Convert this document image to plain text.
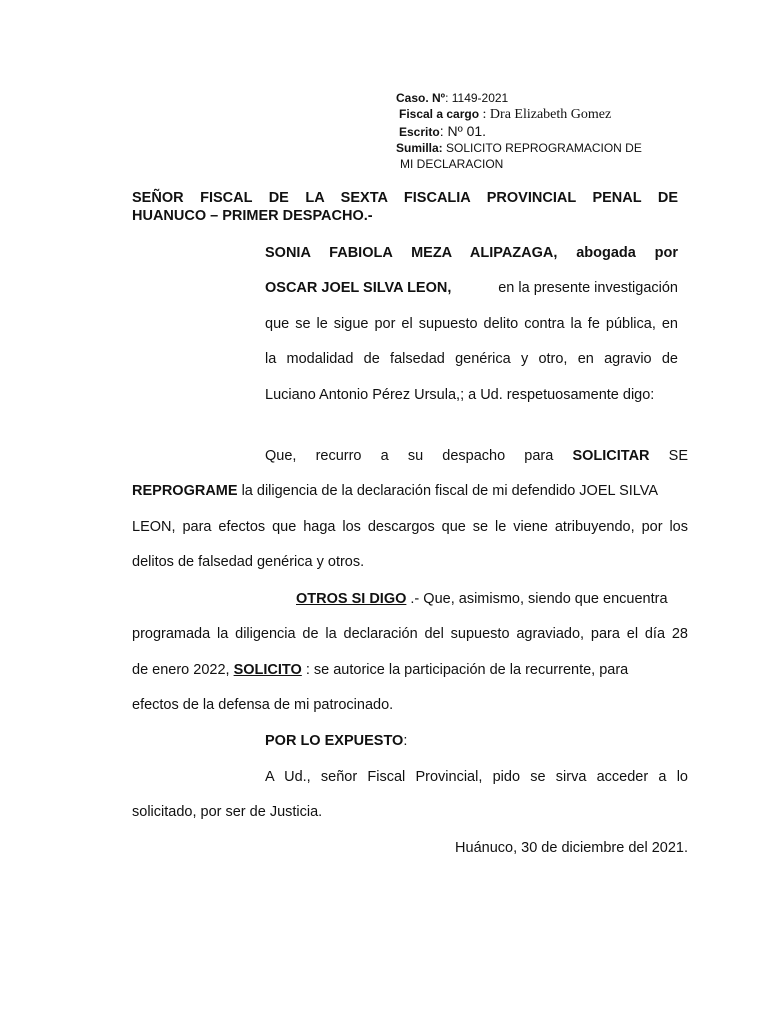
Caso. Nº: 1149-2021
Fiscal a cargo : Dra Elizabeth Gomez
Escrito: Nº 01.
Sumilla: SOLICITO REPROGRAMACION DE
MI DECLARACION
SEÑOR FISCAL DE LA SEXTA FISCALIA PROVINCIAL PENAL DE
HUANUCO – PRIMER DESPACHO.-
SONIA FABIOLA MEZA ALIPAZAGA, abogada por
OSCAR JOEL SILVA LEON,	en la presente investigación
que se le sigue por el supuesto delito contra la fe pública, en
la modalidad de falsedad genérica y otro, en agravio de
Luciano Antonio Pérez Ursula,; a Ud. respetuosamente digo:
Que, recurro a su despacho para SOLICITAR SE
REPROGRAME la diligencia de la declaración fiscal de mi defendido JOEL SILVA
LEON, para efectos que haga los descargos que se le viene atribuyendo, por los
delitos de falsedad genérica y otros.
OTROS SI DIGO .- Que, asimismo, siendo que encuentra
programada la diligencia de la declaración del supuesto agraviado, para el día 28
de enero 2022, SOLICITO : se autorice la participación de la recurrente, para
efectos de la defensa de mi patrocinado.
POR LO EXPUESTO:
A Ud., señor Fiscal Provincial, pido se sirva acceder a lo
solicitado, por ser de Justicia.
Huánuco, 30 de diciembre del 2021.
